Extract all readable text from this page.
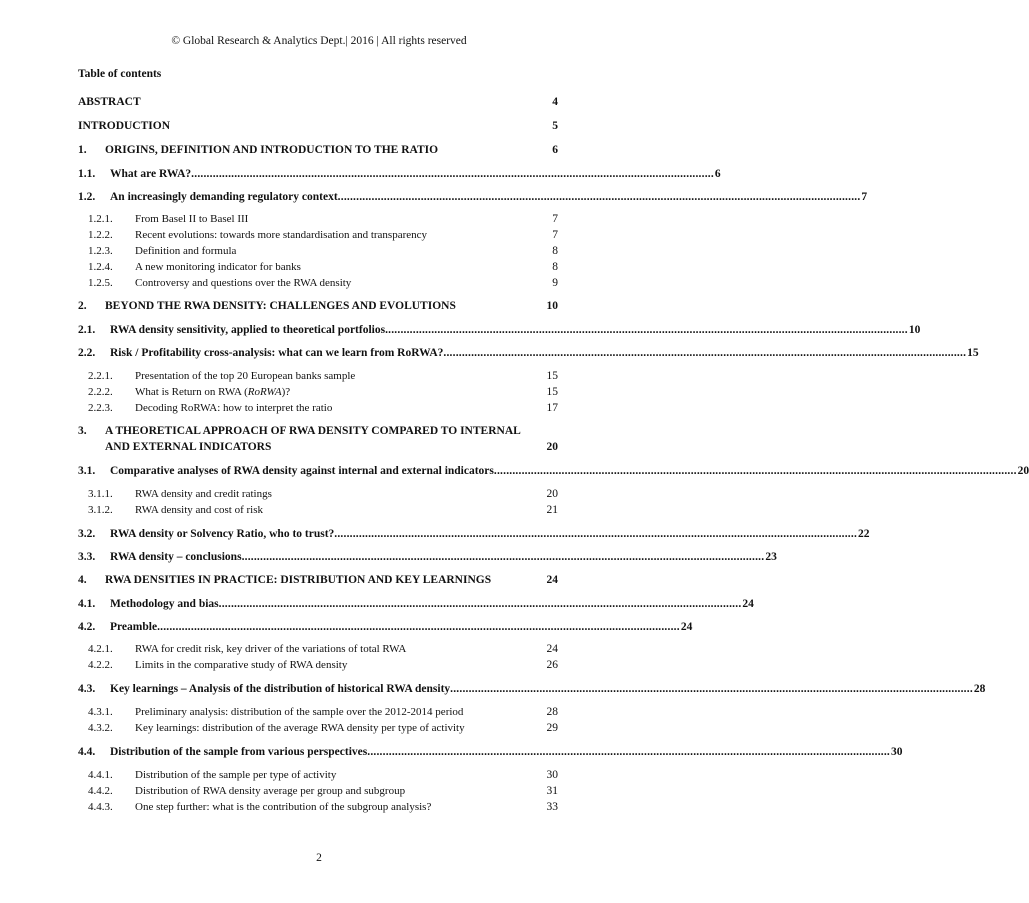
© Global Research & Analytics Dept.| 2016 | All rights reserved
Table of contents
ABSTRACT	4
INTRODUCTION	5
1. ORIGINS, DEFINITION AND INTRODUCTION TO THE RATIO	6
1.1. What are RWA? .......................................................................................................................................................................... 6
1.2. An increasingly demanding regulatory context .......................................................................................................................................................................... 7
1.2.1. From Basel II to Basel III	7
1.2.2. Recent evolutions: towards more standardisation and transparency	7
1.2.3. Definition and formula	8
1.2.4. A new monitoring indicator for banks	8
1.2.5. Controversy and questions over the RWA density	9
2. BEYOND THE RWA DENSITY: CHALLENGES AND EVOLUTIONS	10
2.1. RWA density sensitivity, applied to theoretical portfolios .......................................................................................................................................................................... 10
2.2. Risk / Profitability cross-analysis: what can we learn from RoRWA? .......................................................................................................................................................................... 15
2.2.1. Presentation of the top 20 European banks sample	15
2.2.2. What is Return on RWA (RoRWA)?	15
2.2.3. Decoding RoRWA: how to interpret the ratio	17
3. A THEORETICAL APPROACH OF RWA DENSITY COMPARED TO INTERNAL
AND EXTERNAL INDICATORS	20
3.1. Comparative analyses of RWA density against internal and external indicators .......................................................................................................................................................................... 20
3.1.1. RWA density and credit ratings	20
3.1.2. RWA density and cost of risk	21
3.2. RWA density or Solvency Ratio, who to trust? .......................................................................................................................................................................... 22
3.3. RWA density – conclusions .......................................................................................................................................................................... 23
4. RWA DENSITIES IN PRACTICE: DISTRIBUTION AND KEY LEARNINGS	24
4.1. Methodology and bias .......................................................................................................................................................................... 24
4.2. Preamble .......................................................................................................................................................................... 24
4.2.1. RWA for credit risk, key driver of the variations of total RWA	24
4.2.2. Limits in the comparative study of RWA density	26
4.3. Key learnings – Analysis of the distribution of historical RWA density .......................................................................................................................................................................... 28
4.3.1. Preliminary analysis: distribution of the sample over the 2012-2014 period	28
4.3.2. Key learnings: distribution of the average RWA density per type of activity	29
4.4. Distribution of the sample from various perspectives .......................................................................................................................................................................... 30
4.4.1. Distribution of the sample per type of activity	30
4.4.2. Distribution of RWA density average per group and subgroup	31
4.4.3. One step further: what is the contribution of the subgroup analysis?	33
2
